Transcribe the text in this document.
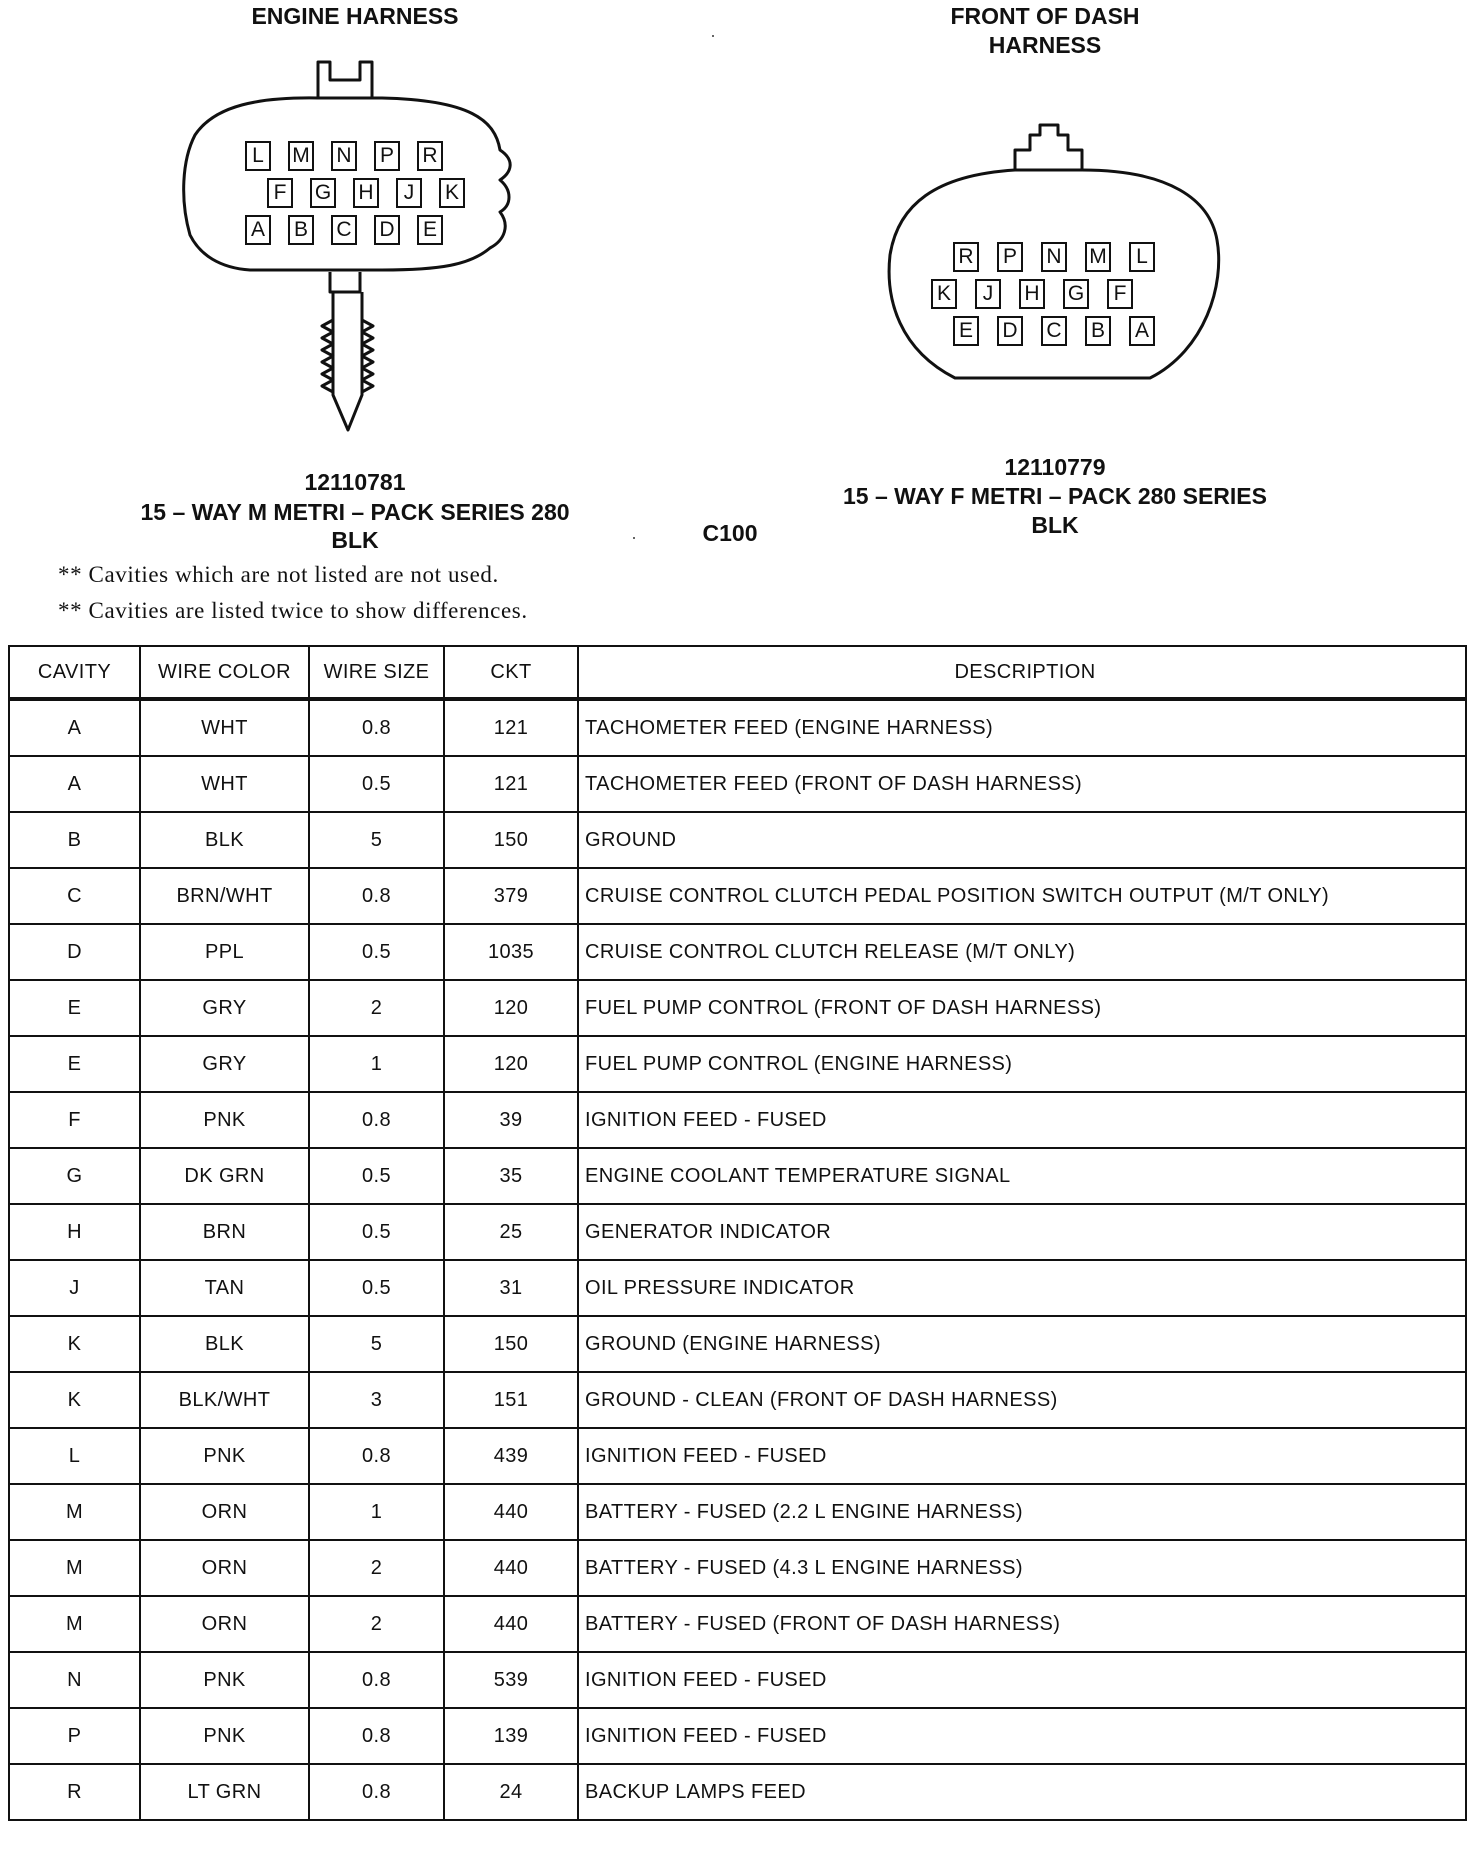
ENGINE HARNESS
12110781
15 – WAY M METRI – PACK SERIES 280
BLK
FRONT OF DASH
HARNESS
12110779
15 – WAY F METRI – PACK 280 SERIES
BLK
C100
L	M N P R
F	G H	J	K
A B C D E
R P N M	L
K	J	H G	F
E D C B A
** Cavities which are not listed are not used.
** Cavities are listed twice to show differences.
CAVITY	WIRE COLOR	WIRE SIZE	CKT	DESCRIPTION
A	WHT	0.8	121	TACHOMETER FEED (ENGINE HARNESS)
A	WHT	0.5	121	TACHOMETER FEED (FRONT OF DASH HARNESS)
B	BLK	5	150	GROUND
C	BRN/WHT	0.8	379	CRUISE CONTROL CLUTCH PEDAL POSITION SWITCH OUTPUT (M/T ONLY)
D	PPL	0.5	1035	CRUISE CONTROL CLUTCH RELEASE (M/T ONLY)
E	GRY	2	120	FUEL PUMP CONTROL (FRONT OF DASH HARNESS)
E	GRY	1	120	FUEL PUMP CONTROL (ENGINE HARNESS)
F	PNK	0.8	39	IGNITION FEED - FUSED
G	DK GRN	0.5	35	ENGINE COOLANT TEMPERATURE SIGNAL
H	BRN	0.5	25	GENERATOR INDICATOR
J	TAN	0.5	31	OIL PRESSURE INDICATOR
K	BLK	5	150	GROUND (ENGINE HARNESS)
K	BLK/WHT	3	151	GROUND - CLEAN (FRONT OF DASH HARNESS)
L	PNK	0.8	439	IGNITION FEED - FUSED
M	ORN	1	440	BATTERY - FUSED (2.2 L ENGINE HARNESS)
M	ORN	2	440	BATTERY - FUSED (4.3 L ENGINE HARNESS)
M	ORN	2	440	BATTERY - FUSED (FRONT OF DASH HARNESS)
N	PNK	0.8	539	IGNITION FEED - FUSED
P	PNK	0.8	139	IGNITION FEED - FUSED
R	LT GRN	0.8	24	BACKUP LAMPS FEED
